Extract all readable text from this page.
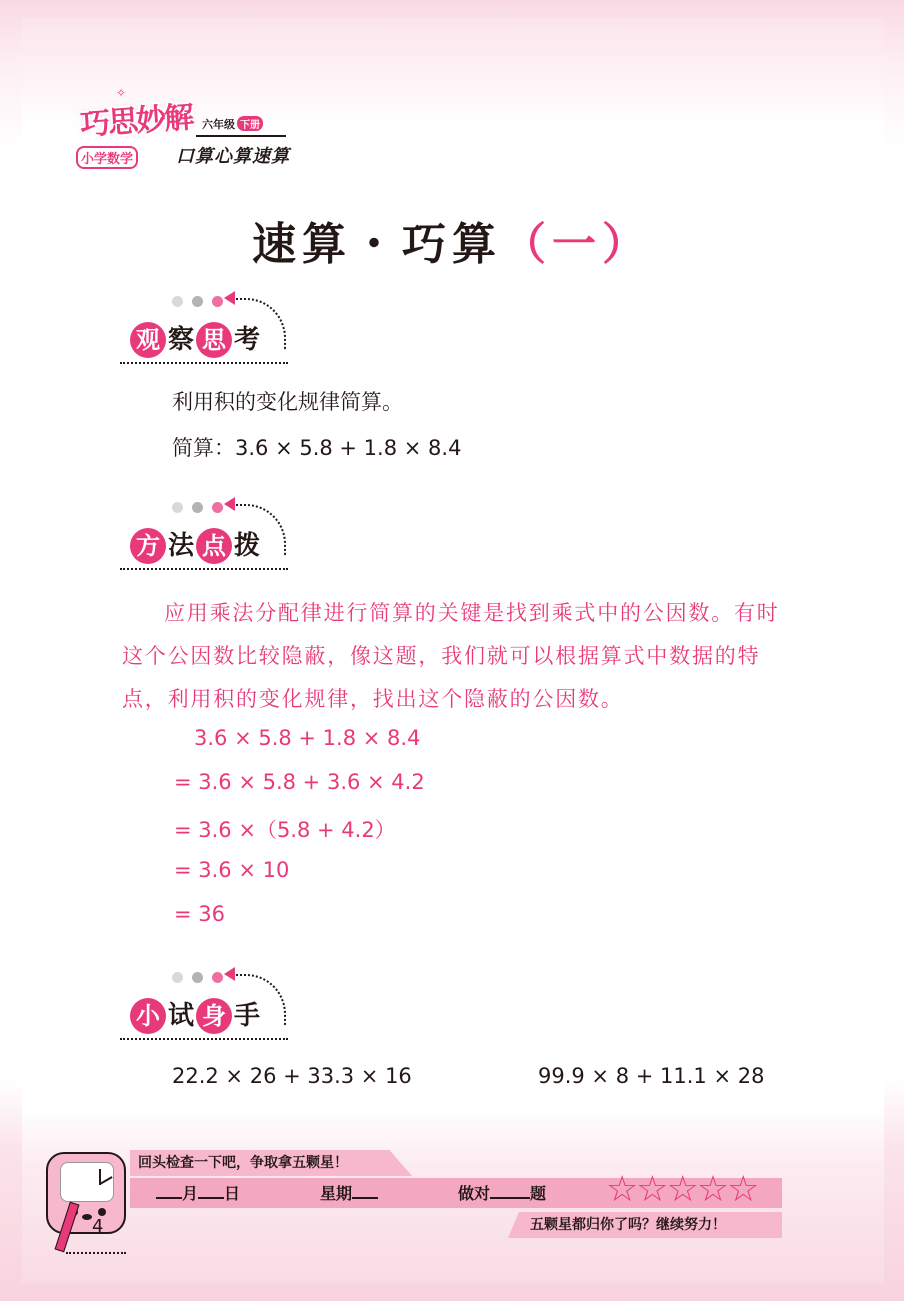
✧
巧思妙解 六年级 下册
小学数学 口算心算速算
速算・巧算（一）
观 察 思 考
利用积的变化规律简算。
简算：3.6 × 5.8 + 1.8 × 8.4
方 法 点 拨
应用乘法分配律进行简算的关键是找到乘式中的公因数。有时这个公因数比较隐蔽，像这题，我们就可以根据算式中数据的特点，利用积的变化规律，找出这个隐蔽的公因数。
3.6 × 5.8 + 1.8 × 8.4
= 3.6 × 5.8 + 3.6 × 4.2
= 3.6 ×（5.8 + 4.2）
= 3.6 × 10
= 36
小 试 身 手
22.2 × 26 + 33.3 × 16	99.9 × 8 + 11.1 × 28
4
回头检查一下吧，争取拿五颗星！
月 日	星期	做对	题 ☆☆☆☆☆
五颗星都归你了吗？继续努力！
